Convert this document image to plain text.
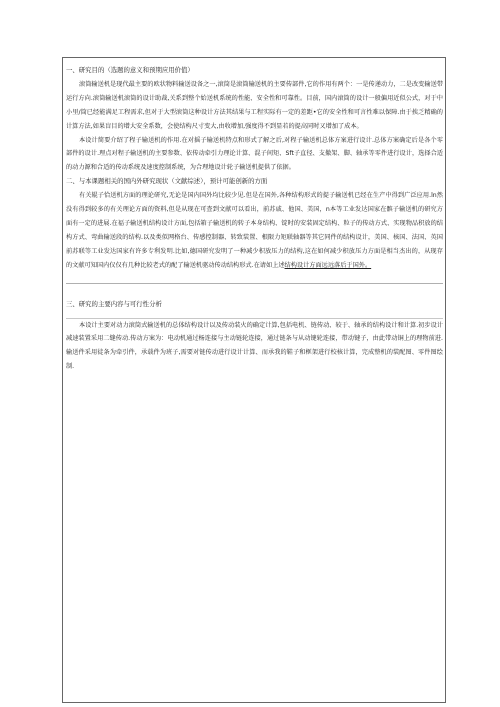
一、研究目的（选题的意义和预期应用价值）

滚筒输送机是现代最主要的欧状物料输送设备之一,滚筒是滚筒输送机的主要传部件,它的作用有两个：一是传递动力，二是改变输送带运行方向.滚筒输送机滚筒的设计助裁,关系到整个始送机系统的性能、安全性和可靠性。目前，国内滚筒的设计一般偏用近似公式，对于中小里/筒已经能满足工程需求,但对于大型滚筒这种设计方法其结果与工程实际有一定的差距•它的安全性和可言性难以保障.由于挨乏精确的计算方法,如果盲目的增大安全系数，会使结构尺寸变大,由收增加,强度得不到显若的提高同时又增加了成本。

本设计简要介绍了程子输送机的作用.在对摇子输送机特点和形式了解之后,对程子输送机总体方案进行设计.总体方案确定后是各个零部件的设计.理点对程子输送机的主要参数、依传动牵引力理论计算、混子间矩、Sft子直径、支撤架、脚、轴承等零件进行设计，选择合适的动力源和合适的传动系统及速度控制系统，为合理地设计轮子输送机提供了依据。

二、与本课题相关的国内外研究现状（文献综述），预计可能创新的方面

有关辊子恰送机方面的理论研究,无论是国内国外均比较少见.但是在国外,各种结构形式的提子输送机已经在生产中得到广泛应用.ln然没有得到较多的有关理论方面的资料,但是从现在可查到文献可以看出，前苏戚、他国、美国，n本等工业发达国家在髌子输送机的研究方面有一定的进展.在福子输送机结构设计方面,包括箱子输送机的转子本身结构、锭时的安装固定结构、粒子的传动方式、实现物品积放的结构方式、弯曲输送段的结构.以及类似网格台、传感控制器、转致装置、根限力矩联轴器等其它同件的结构设计，美国、核国、法国、英国前苏联等工业发达国家有许多专利发明.比如,德国研究发明了一种减少积放压力的结构,这在如何减少积放压力方面是相当杰出的，从现存的文献可知国内仅仅有几种比较老式的配了输送机驱动传动结构形式.在请如上述结构设计方面远远落后于国外。

三、研究的主要内容与可行性分析

本设计主要对动力滚筒式输送机的总体结构设计以及传动装火的确定计算,包括电机、链传动、较于、轴承的结构设计和计算.初步设计减速装置采用二缝传动.传动方案为：电动机通过杨连接与主动链轮连接，通过链条与从动键轮连接，带动键子，由此带动铜上的理物前进.输送件采用徒条为牵引件，承载件为班子,需要对链传动进行设计计算、而承我的鞋子和框架进行校核计算，完成整机的装配图、零件图绘制.
